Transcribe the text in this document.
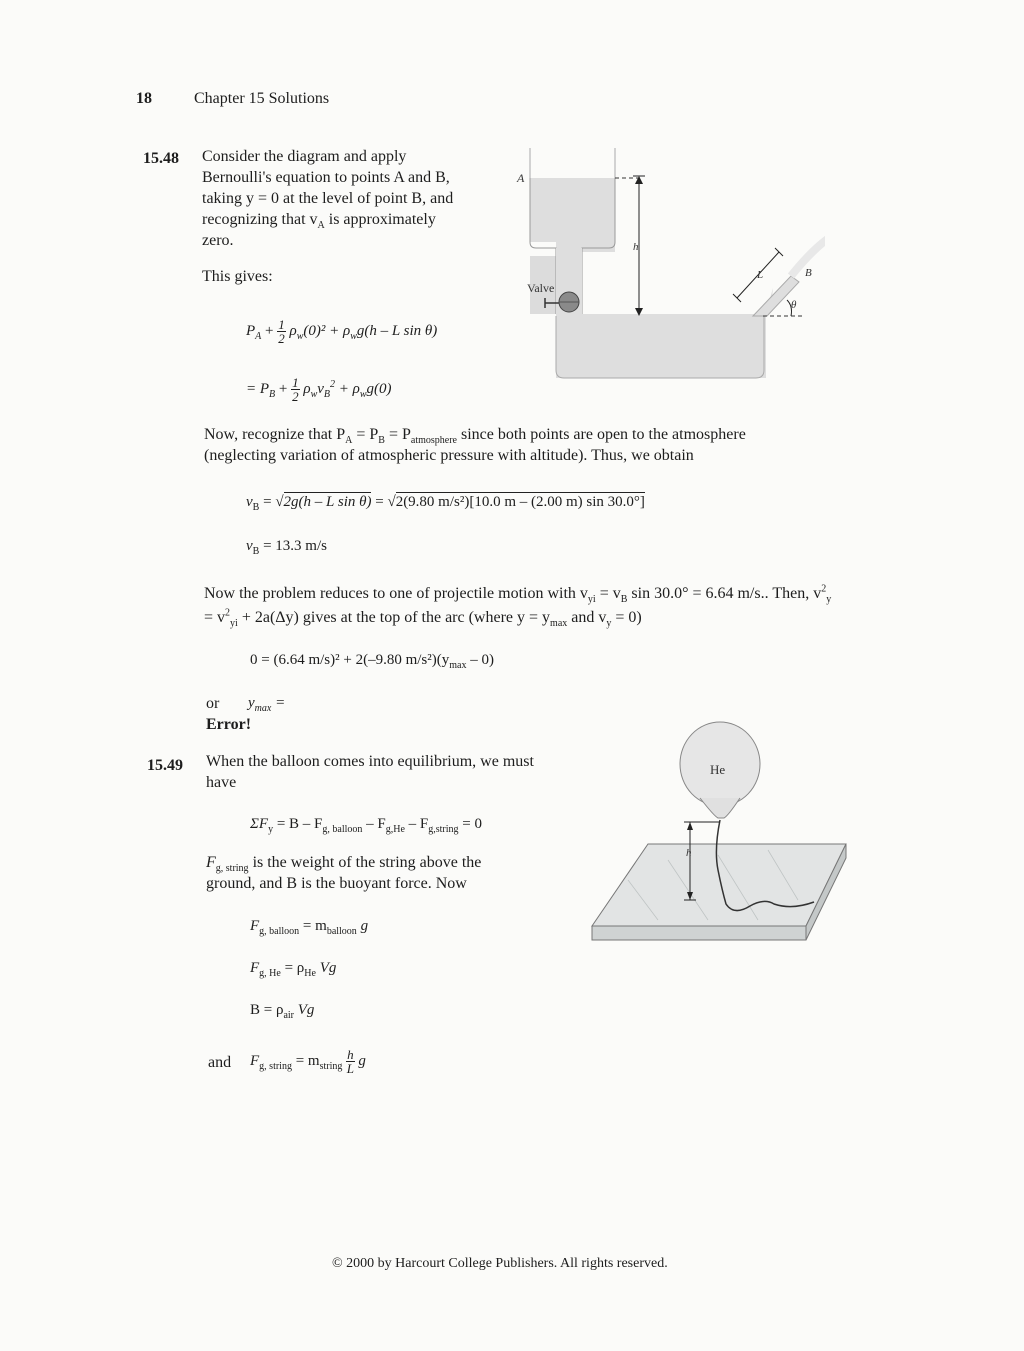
18	Chapter 15 Solutions
15.48 Consider the diagram and apply
Bernoulli's equation to points A and B,
taking y = 0 at the level of point B, and
recognizing that $v_A$ is approximately
zero.
This gives:
$P_A + \frac{1}{2} \rho_w(0)^2 + \rho_wg(h - L$ sin θ)
= $P_B + \frac{1}{2} \rho_wv_B^2 + \rho_wg(0)$
A
h
Valve
L	B
θ
Now, recognize that $P_A = P_B = P_{atmosphere}$ since both points are open to the atmosphere
(neglecting variation of atmospheric pressure with altitude). Thus, we obtain
$v_B = √2g(h - L$ sin θ) = √2(9.80 m/s²)[10.0 m – (2.00 m) sin 30.0°]
$v_B = 13.3$ m/s
Now the problem reduces to one of projectile motion with $v_{yi} = v_B$ sin 30.0° = 6.64 m/s.. Then, $v^2_y$
= $v^2_{yi} + 2a(\Delta y)$ gives at the top of the arc (where $y = y_{max}$ and $v_y = 0$)
0 = (6.64 m/s)² + 2(–9.80 $m/s^2)(y_{max} - 0)$
or $y_{max}$ =
Error!
15.49 When the balloon comes into equilibrium, we must
have
$\Sigma F_y = B - F_{g, balloon} - F_{g,He} - F_{g,string} = 0$
$F_{g, string}$ is the weight of the string above the
ground, and B is the buoyant force. Now
$F_{g, balloon} = m_{balloon}$ g
$F_{g, He} = \rho_{He}$ Vg
$B = \rho_{air}$ Vg
and $F_{g, string} = m_{string} \frac{h}{L}$ g
He
h
© 2000 by Harcourt College Publishers. All rights reserved.
